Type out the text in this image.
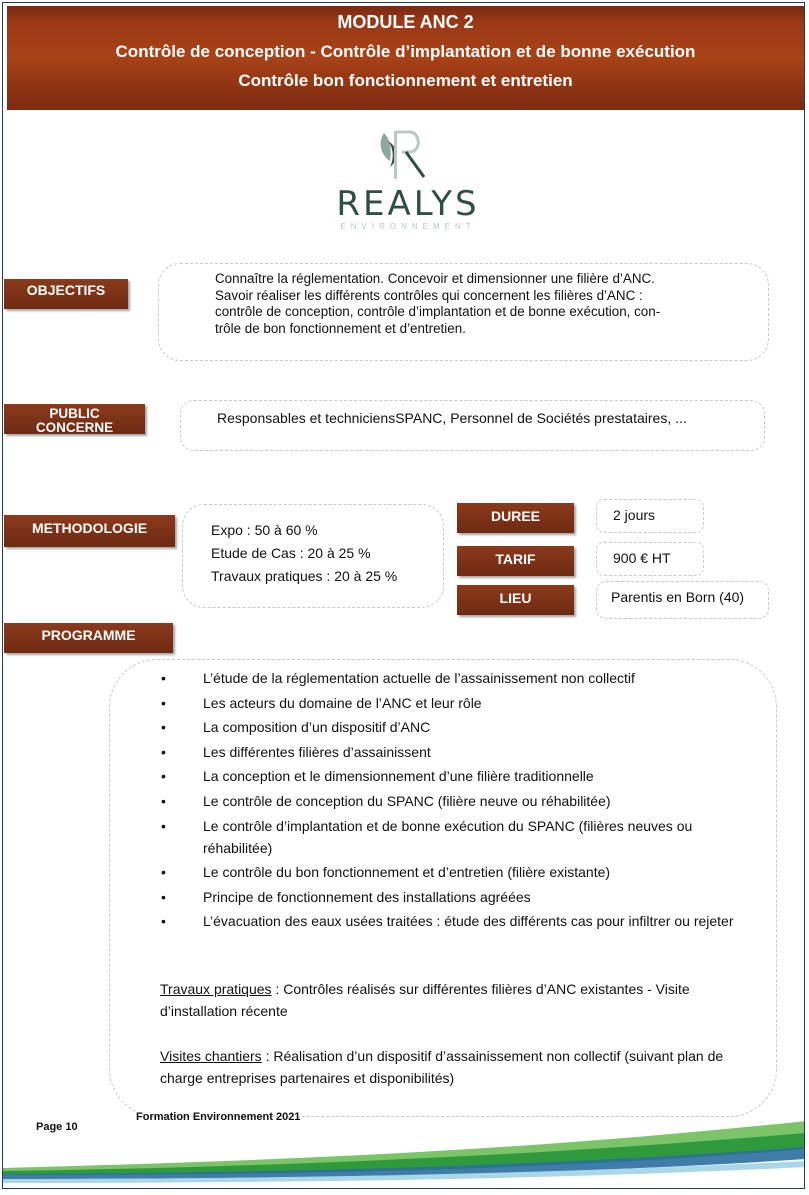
MODULE ANC 2
Contrôle de conception - Contrôle d’implantation et de bonne exécution
Contrôle bon fonctionnement et entretien
REALYS
ENVIRONNEMENT
OBJECTIFS
Connaître la réglementation. Concevoir et dimensionner une filière d’ANC.
Savoir réaliser les différents contrôles qui concernent les filières d’ANC :
contrôle de conception, contrôle d’implantation et de bonne exécution, con-
trôle de bon fonctionnement et d’entretien.
PUBLIC
CONCERNE
Responsables et techniciensSPANC, Personnel de Sociétés prestataires, ...
METHODOLOGIE	Expo : 50 à 60 %
Etude de Cas : 20 à 25 %
Travaux pratiques : 20 à 25 %
DUREE	2 jours
TARIF	900 € HT
LIEU	Parentis en Born (40)
PROGRAMME
•	L’étude de la réglementation actuelle de l’assainissement non collectif
•	Les acteurs du domaine de l’ANC et leur rôle
•	La composition d’un dispositif d’ANC
•	Les différentes filières d’assainissent
•	La conception et le dimensionnement d’une filière traditionnelle
•	Le contrôle de conception du SPANC (filière neuve ou réhabilitée)
•	Le contrôle d’implantation et de bonne exécution du SPANC (filières neuves ou réhabilitée)
•	Le contrôle du bon fonctionnement et d’entretien (filière existante)
•	Principe de fonctionnement des installations agréées
•	L’évacuation des eaux usées traitées : étude des différents cas pour infiltrer ou rejeter
Travaux pratiques : Contrôles réalisés sur différentes filières d’ANC existantes - Visite d’installation récente
Visites chantiers : Réalisation d’un dispositif d’assainissement non collectif (suivant plan de charge entreprises partenaires et disponibilités)
Page 10
Formation Environnement 2021
